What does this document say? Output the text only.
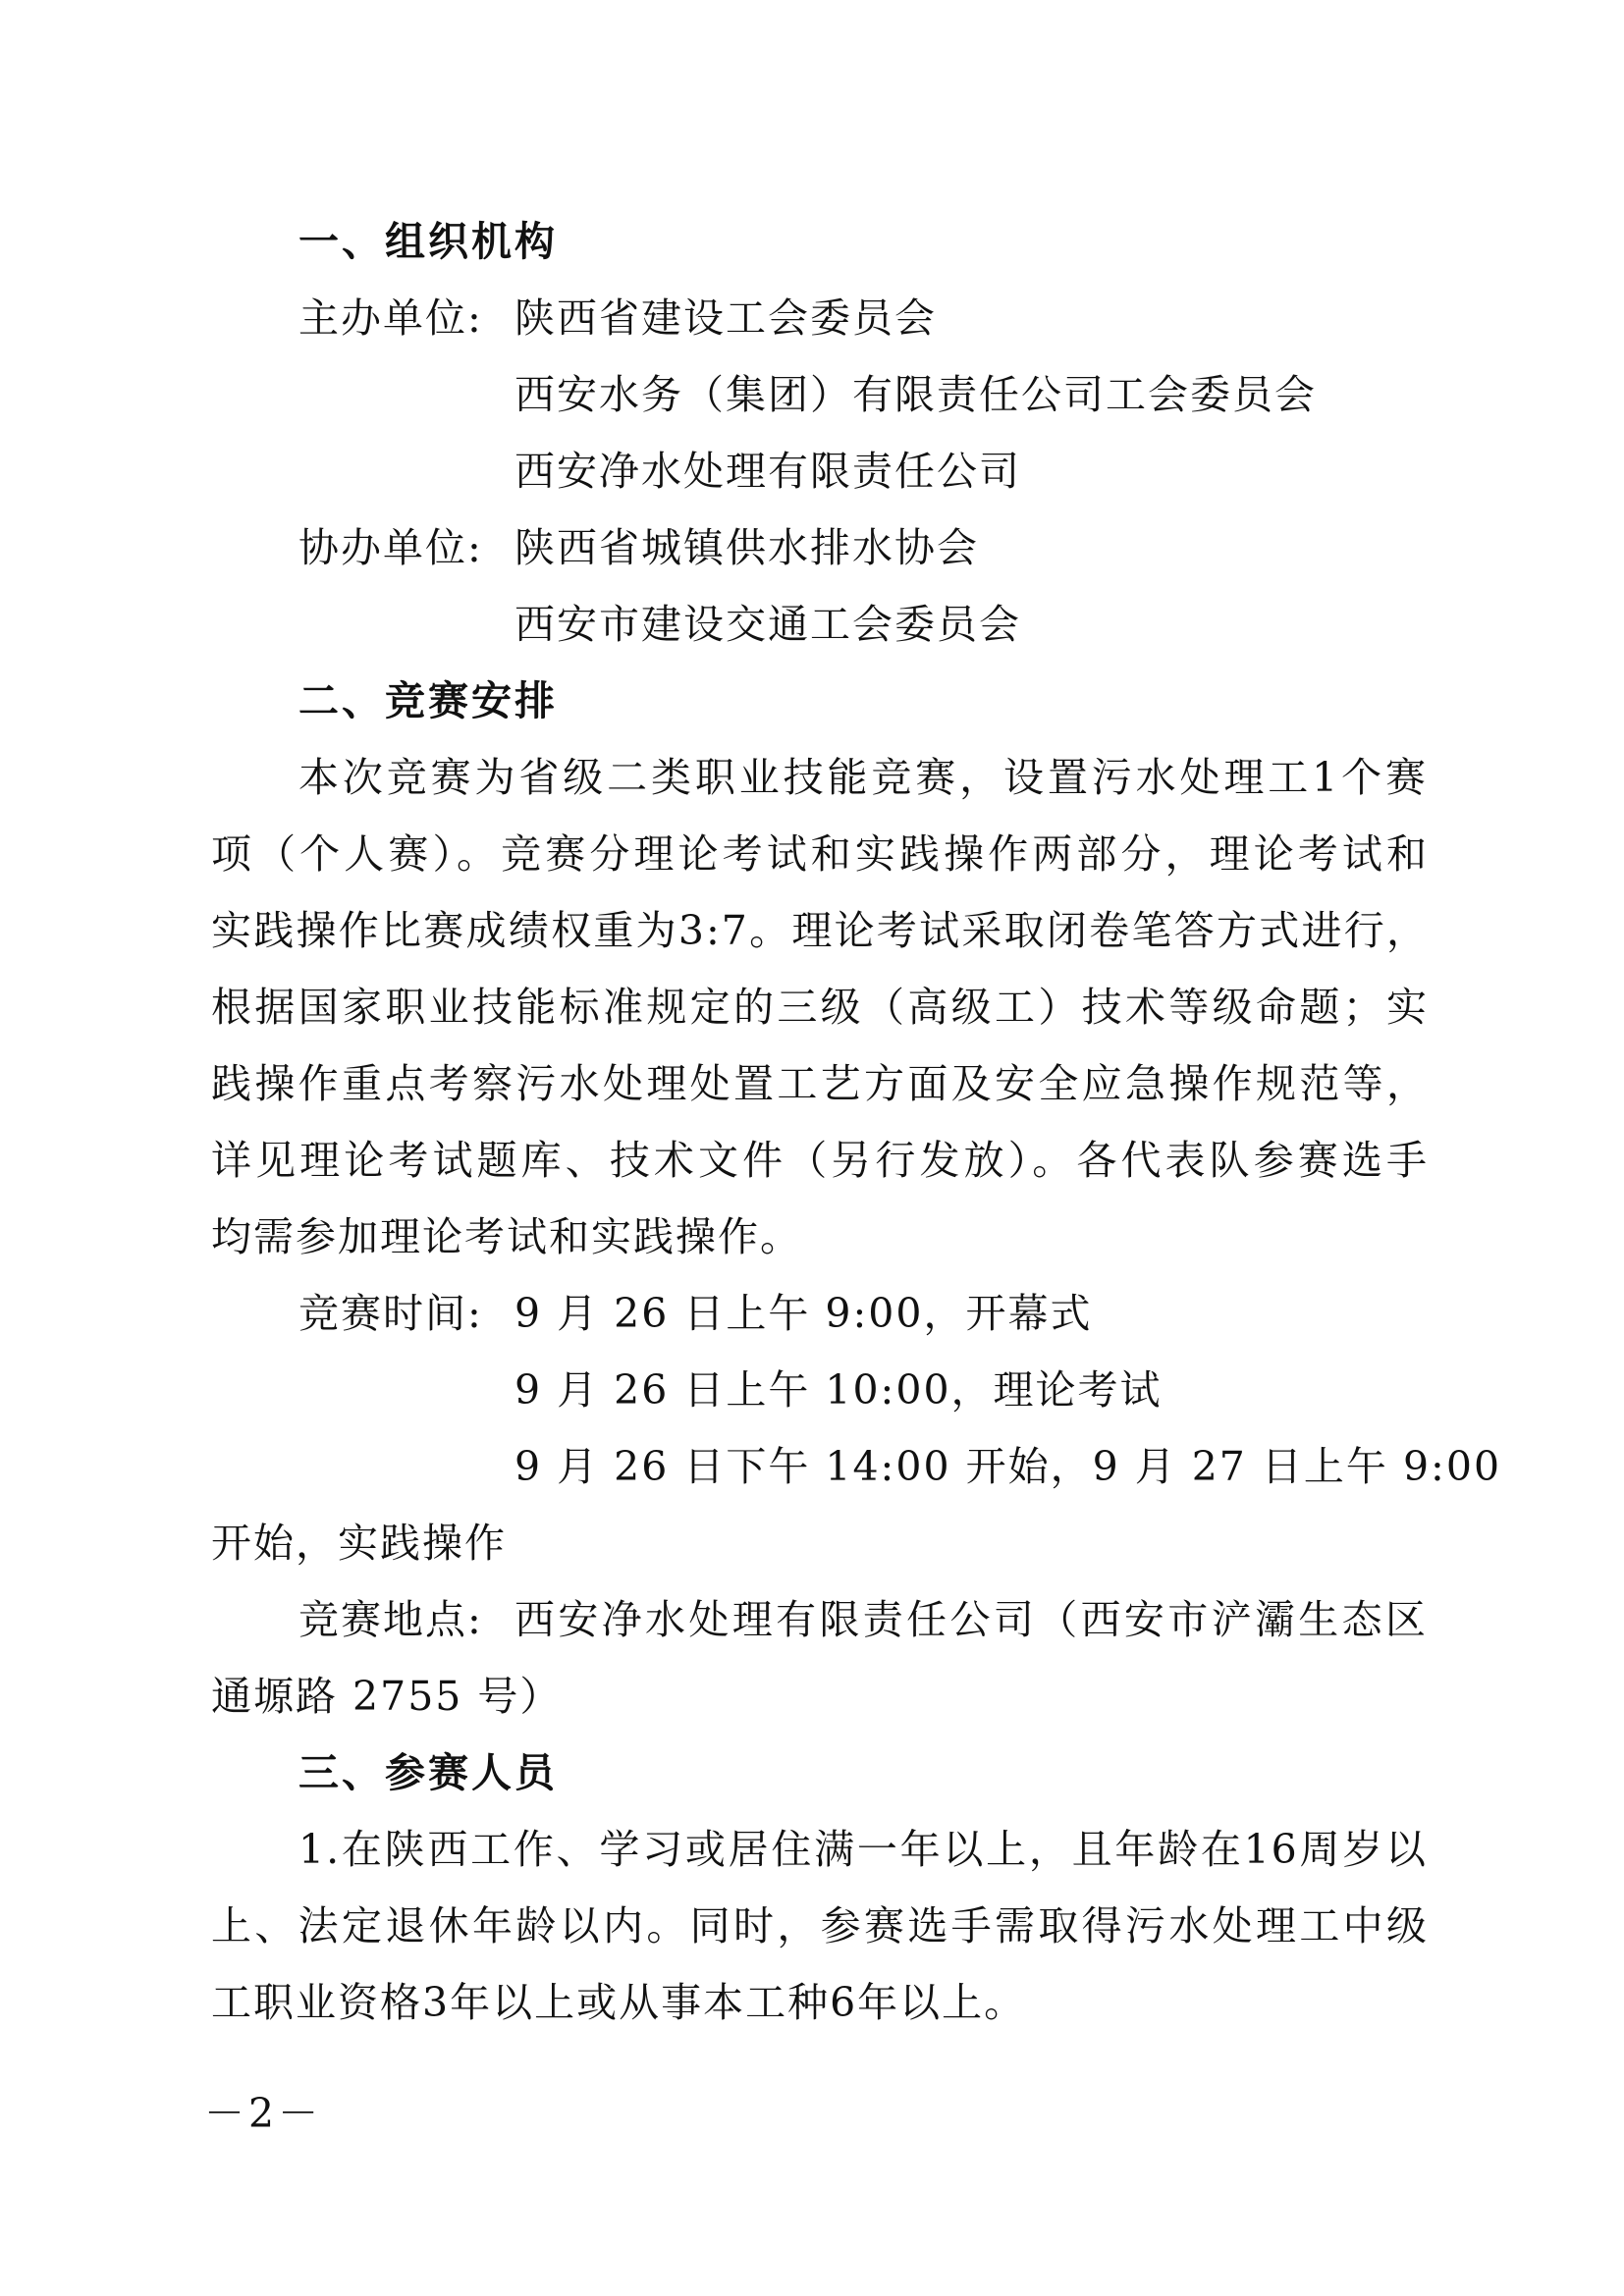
一、组织机构
主办单位: 陕西省建设工会委员会
西安水务（集团）有限责任公司工会委员会
西安净水处理有限责任公司
协办单位: 陕西省城镇供水排水协会
西安市建设交通工会委员会
二、竞赛安排
本次竞赛为省级二类职业技能竞赛，设置污水处理工1个赛
项（个人赛）。竞赛分理论考试和实践操作两部分，理论考试和
实践操作比赛成绩权重为3:7。理论考试采取闭卷笔答方式进行，
根据国家职业技能标准规定的三级（高级工）技术等级命题；实
践操作重点考察污水处理处置工艺方面及安全应急操作规范等，
详见理论考试题库、技术文件（另行发放）。各代表队参赛选手
均需参加理论考试和实践操作。
竞赛时间: 9 月 26 日上午 9:00，开幕式
9 月 26 日上午 10:00，理论考试
9 月 26 日下午 14:00 开始，9 月 27 日上午 9:00
开始，实践操作
竞赛地点: 西安净水处理有限责任公司（西安市浐灞生态区
通塬路 2755 号）
三、参赛人员
1.在陕西工作、学习或居住满一年以上，且年龄在16周岁以
上、法定退休年龄以内。同时，参赛选手需取得污水处理工中级
工职业资格3年以上或从事本工种6年以上。
－2－
